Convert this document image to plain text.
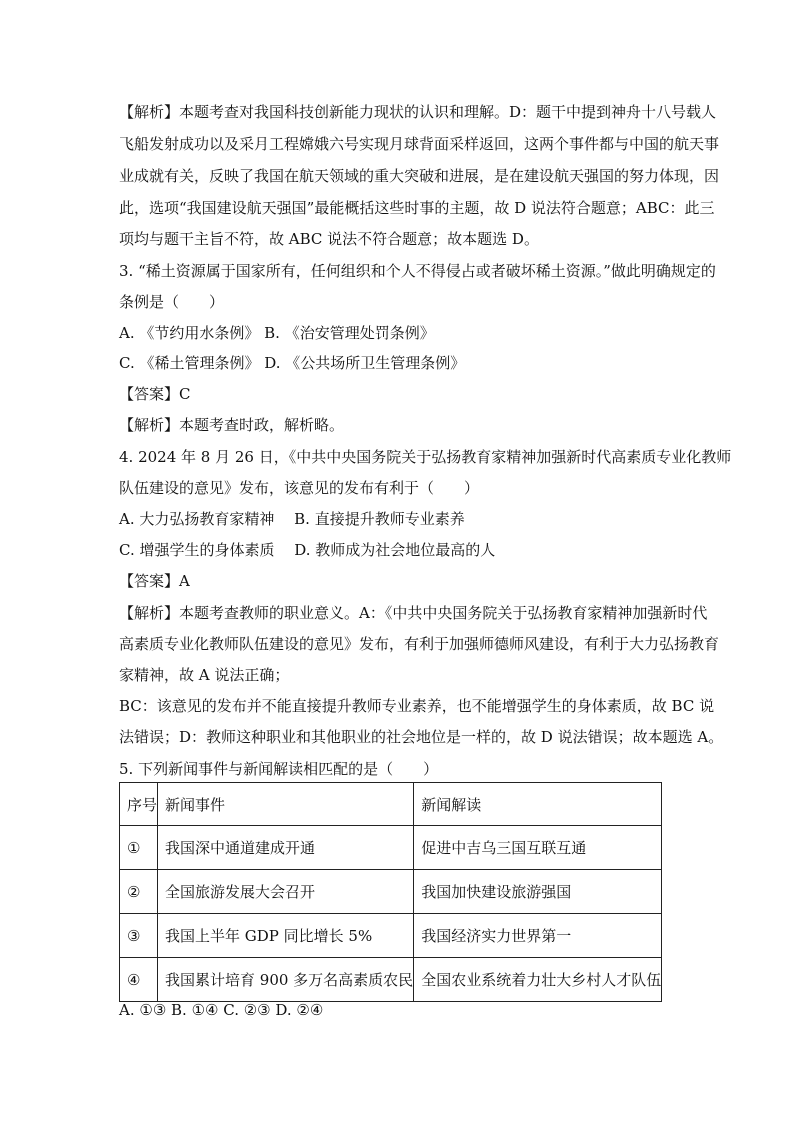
【解析】本题考查对我国科技创新能力现状的认识和理解。D：题干中提到神舟十八号载人
飞船发射成功以及采月工程嫦娥六号实现月球背面采样返回，这两个事件都与中国的航天事
业成就有关，反映了我国在航天领域的重大突破和进展，是在建设航天强国的努力体现，因
此，选项“我国建设航天强国”最能概括这些时事的主题，故 D 说法符合题意；ABC：此三
项均与题干主旨不符，故 ABC 说法不符合题意；故本题选 D。
3. “稀土资源属于国家所有，任何组织和个人不得侵占或者破坏稀土资源。”做此明确规定的
条例是（　　）
A. 《节约用水条例》 B. 《治安管理处罚条例》
C. 《稀土管理条例》 D. 《公共场所卫生管理条例》
【答案】C
【解析】本题考查时政，解析略。
4. 2024 年 8 月 26 日，《中共中央国务院关于弘扬教育家精神加强新时代高素质专业化教师
队伍建设的意见》发布，该意见的发布有利于（　　）
A. 大力弘扬教育家精神　 B. 直接提升教师专业素养
C. 增强学生的身体素质　 D. 教师成为社会地位最高的人
【答案】A
【解析】本题考查教师的职业意义。A：《中共中央国务院关于弘扬教育家精神加强新时代
高素质专业化教师队伍建设的意见》发布，有利于加强师德师风建设，有利于大力弘扬教育
家精神，故 A 说法正确；
BC：该意见的发布并不能直接提升教师专业素养，也不能增强学生的身体素质，故 BC 说
法错误；D：教师这种职业和其他职业的社会地位是一样的，故 D 说法错误；故本题选 A。
5. 下列新闻事件与新闻解读相匹配的是（　　）
序号	新闻事件	新闻解读
①	我国深中通道建成开通	促进中吉乌三国互联互通
②	全国旅游发展大会召开	我国加快建设旅游强国
③	我国上半年 GDP 同比增长 5%	我国经济实力世界第一
④	我国累计培育 900 多万名高素质农民	全国农业系统着力壮大乡村人才队伍
A. ①③ B. ①④ C. ②③ D. ②④
